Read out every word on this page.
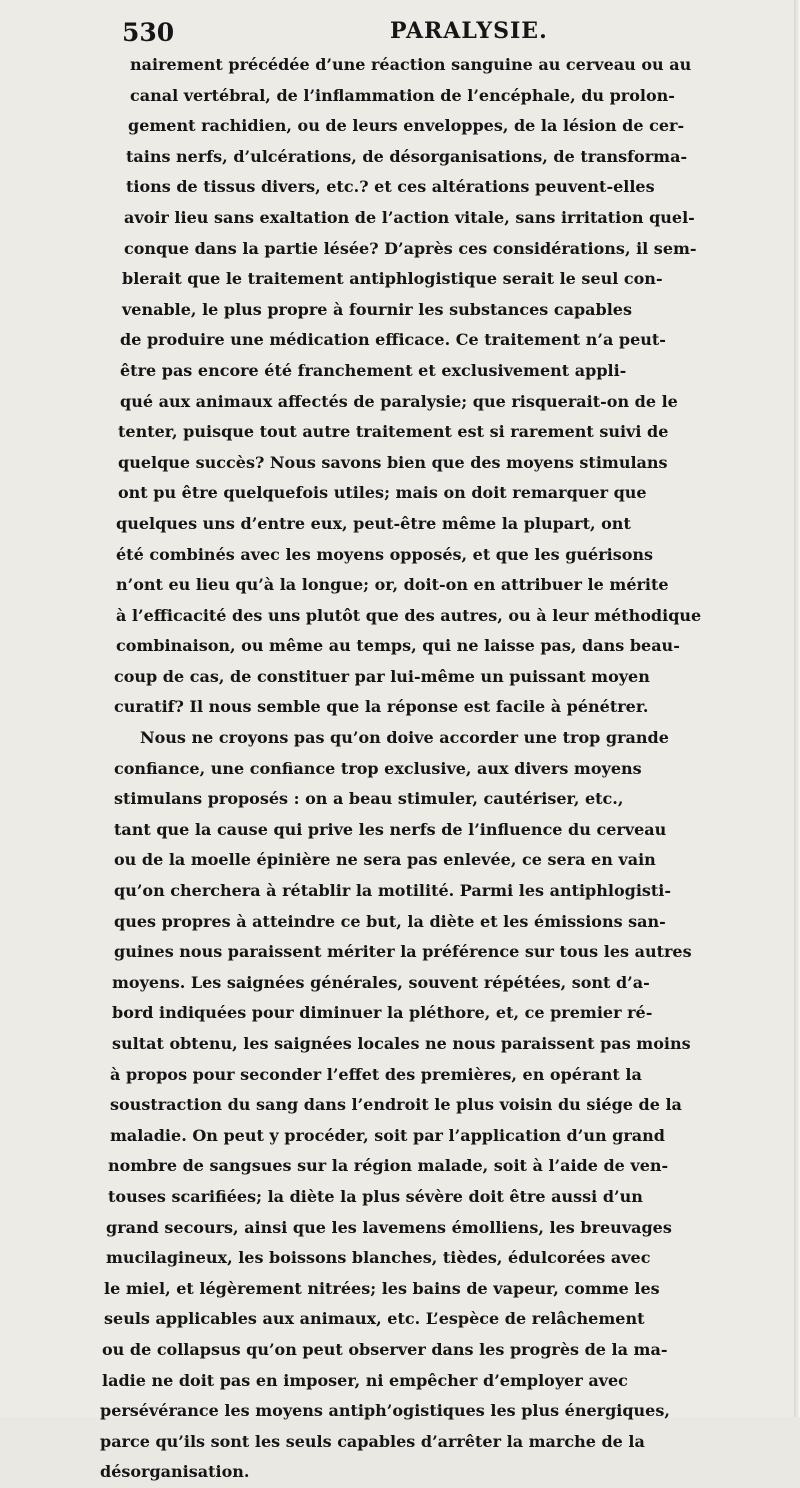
530	PARALYSIE.
nairement précédée d’une réaction sanguine au cerveau ou au
canal vertébral, de l’inflammation de l’encéphale, du prolon-
gement rachidien, ou de leurs enveloppes, de la lésion de cer-
tains nerfs, d’ulcérations, de désorganisations, de transforma-
tions de tissus divers, etc.? et ces altérations peuvent-elles
avoir lieu sans exaltation de l’action vitale, sans irritation quel-
conque dans la partie lésée? D’après ces considérations, il sem-
blerait que le traitement antiphlogistique serait le seul con-
venable, le plus propre à fournir les substances capables
de produire une médication efficace. Ce traitement n’a peut-
être pas encore été franchement et exclusivement appli-
qué aux animaux affectés de paralysie; que risquerait-on de le
tenter, puisque tout autre traitement est si rarement suivi de
quelque succès? Nous savons bien que des moyens stimulans
ont pu être quelquefois utiles; mais on doit remarquer que
quelques uns d’entre eux, peut-être même la plupart, ont
été combinés avec les moyens opposés, et que les guérisons
n’ont eu lieu qu’à la longue; or, doit-on en attribuer le mérite
à l’efficacité des uns plutôt que des autres, ou à leur méthodique
combinaison, ou même au temps, qui ne laisse pas, dans beau-
coup de cas, de constituer par lui-même un puissant moyen
curatif? Il nous semble que la réponse est facile à pénétrer.
Nous ne croyons pas qu’on doive accorder une trop grande
confiance, une confiance trop exclusive, aux divers moyens
stimulans proposés : on a beau stimuler, cautériser, etc.,
tant que la cause qui prive les nerfs de l’influence du cerveau
ou de la moelle épinière ne sera pas enlevée, ce sera en vain
qu’on cherchera à rétablir la motilité. Parmi les antiphlogisti-
ques propres à atteindre ce but, la diète et les émissions san-
guines nous paraissent mériter la préférence sur tous les autres
moyens. Les saignées générales, souvent répétées, sont d’a-
bord indiquées pour diminuer la pléthore, et, ce premier ré-
sultat obtenu, les saignées locales ne nous paraissent pas moins
à propos pour seconder l’effet des premières, en opérant la
soustraction du sang dans l’endroit le plus voisin du siége de la
maladie. On peut y procéder, soit par l’application d’un grand
nombre de sangsues sur la région malade, soit à l’aide de ven-
touses scarifiées; la diète la plus sévère doit être aussi d’un
grand secours, ainsi que les lavemens émolliens, les breuvages
mucilagineux, les boissons blanches, tièdes, édulcorées avec
le miel, et légèrement nitrées; les bains de vapeur, comme les
seuls applicables aux animaux, etc. L’espèce de relâchement
ou de collapsus qu’on peut observer dans les progrès de la ma-
ladie ne doit pas en imposer, ni empêcher d’employer avec
persévérance les moyens antiph’ogistiques les plus énergiques,
parce qu’ils sont les seuls capables d’arrêter la marche de la
désorganisation.
